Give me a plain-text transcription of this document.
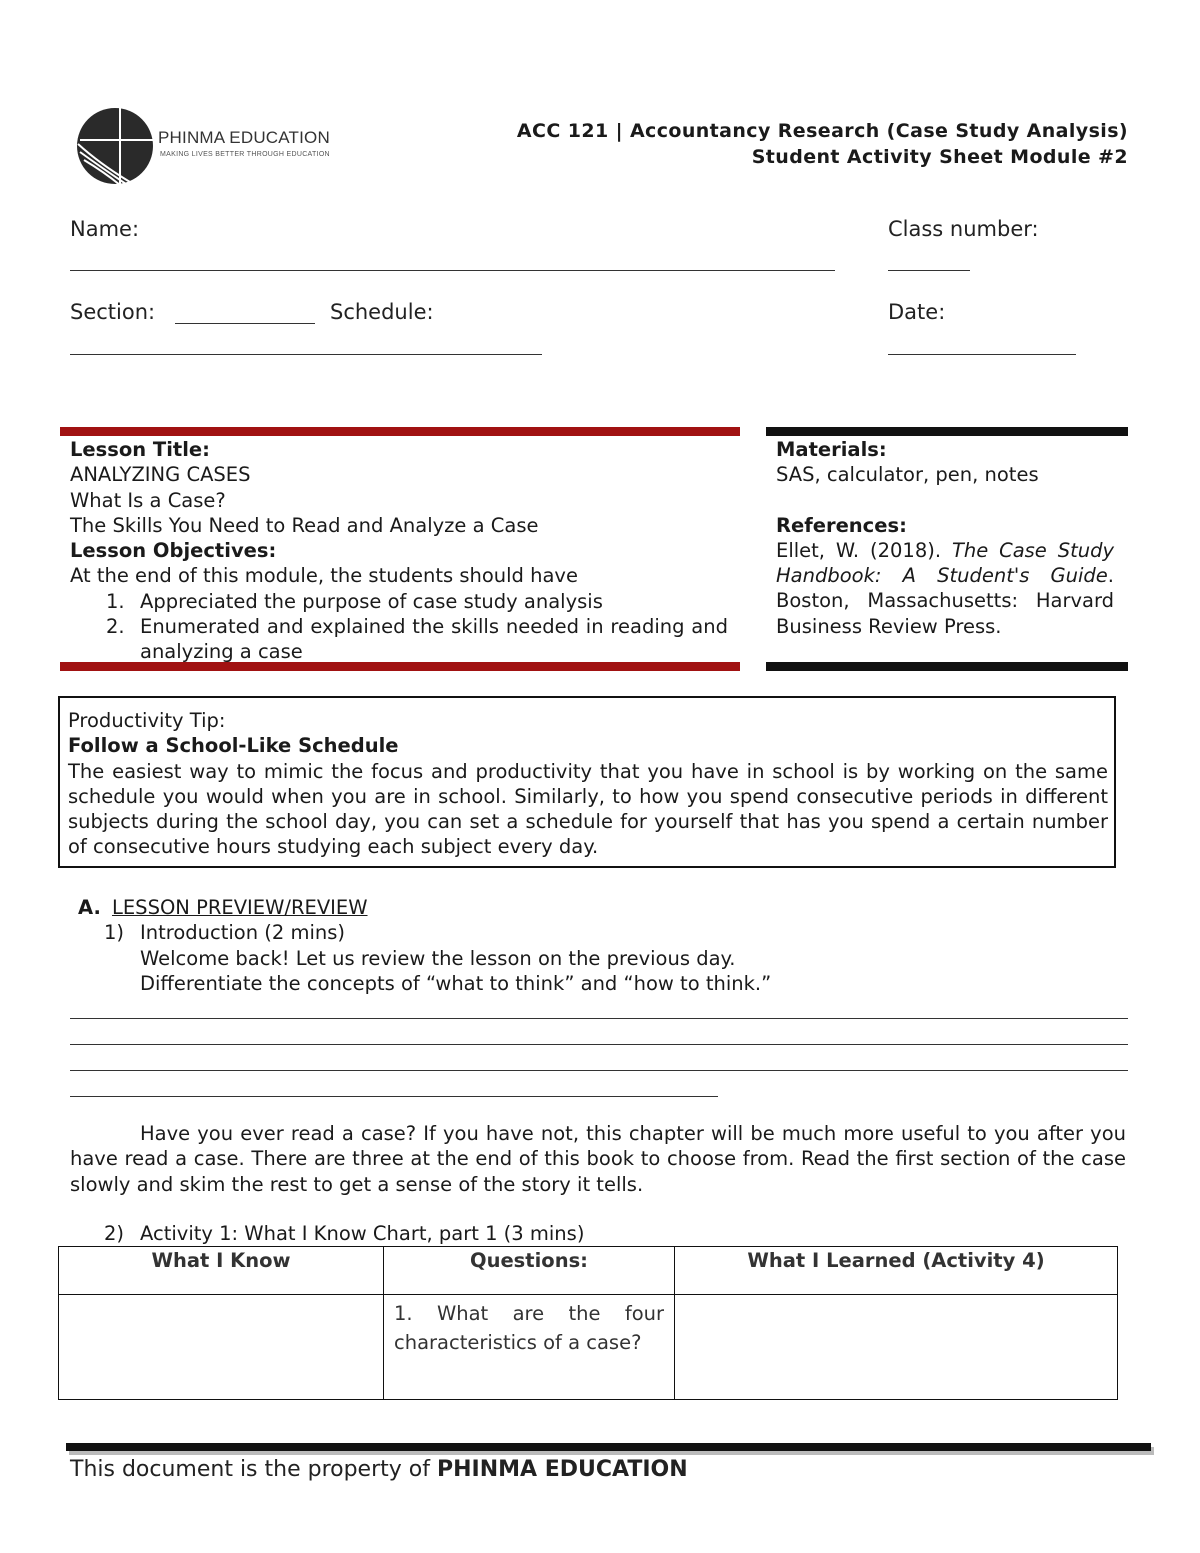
PHINMA EDUCATION
MAKING LIVES BETTER THROUGH EDUCATION
ACC 121 | Accountancy Research (Case Study Analysis)
Student Activity Sheet Module #2
Name:	Class number:
Section:	Schedule:	Date:
Lesson Title:
ANALYZING CASES
What Is a Case?
The Skills You Need to Read and Analyze a Case
Lesson Objectives:
At the end of this module, the students should have
1. Appreciated the purpose of case study analysis
2. Enumerated and explained the skills needed in reading and analyzing a case
Materials:
SAS, calculator, pen, notes
References:
Ellet, W. (2018). The Case Study Handbook: A Student's Guide. Boston, Massachusetts: Harvard Business Review Press.
Productivity Tip:
Follow a School-Like Schedule
The easiest way to mimic the focus and productivity that you have in school is by working on the same schedule you would when you are in school. Similarly, to how you spend consecutive periods in different subjects during the school day, you can set a schedule for yourself that has you spend a certain number of consecutive hours studying each subject every day.
A. LESSON PREVIEW/REVIEW
1) Introduction (2 mins)
Welcome back! Let us review the lesson on the previous day.
Differentiate the concepts of “what to think” and “how to think.”
Have you ever read a case? If you have not, this chapter will be much more useful to you after you have read a case. There are three at the end of this book to choose from. Read the first section of the case slowly and skim the rest to get a sense of the story it tells.
2) Activity 1: What I Know Chart, part 1 (3 mins)
What I Know	Questions:	What I Learned (Activity 4)

	1. What are the four characteristics of a case?	

This document is the property of PHINMA EDUCATION
